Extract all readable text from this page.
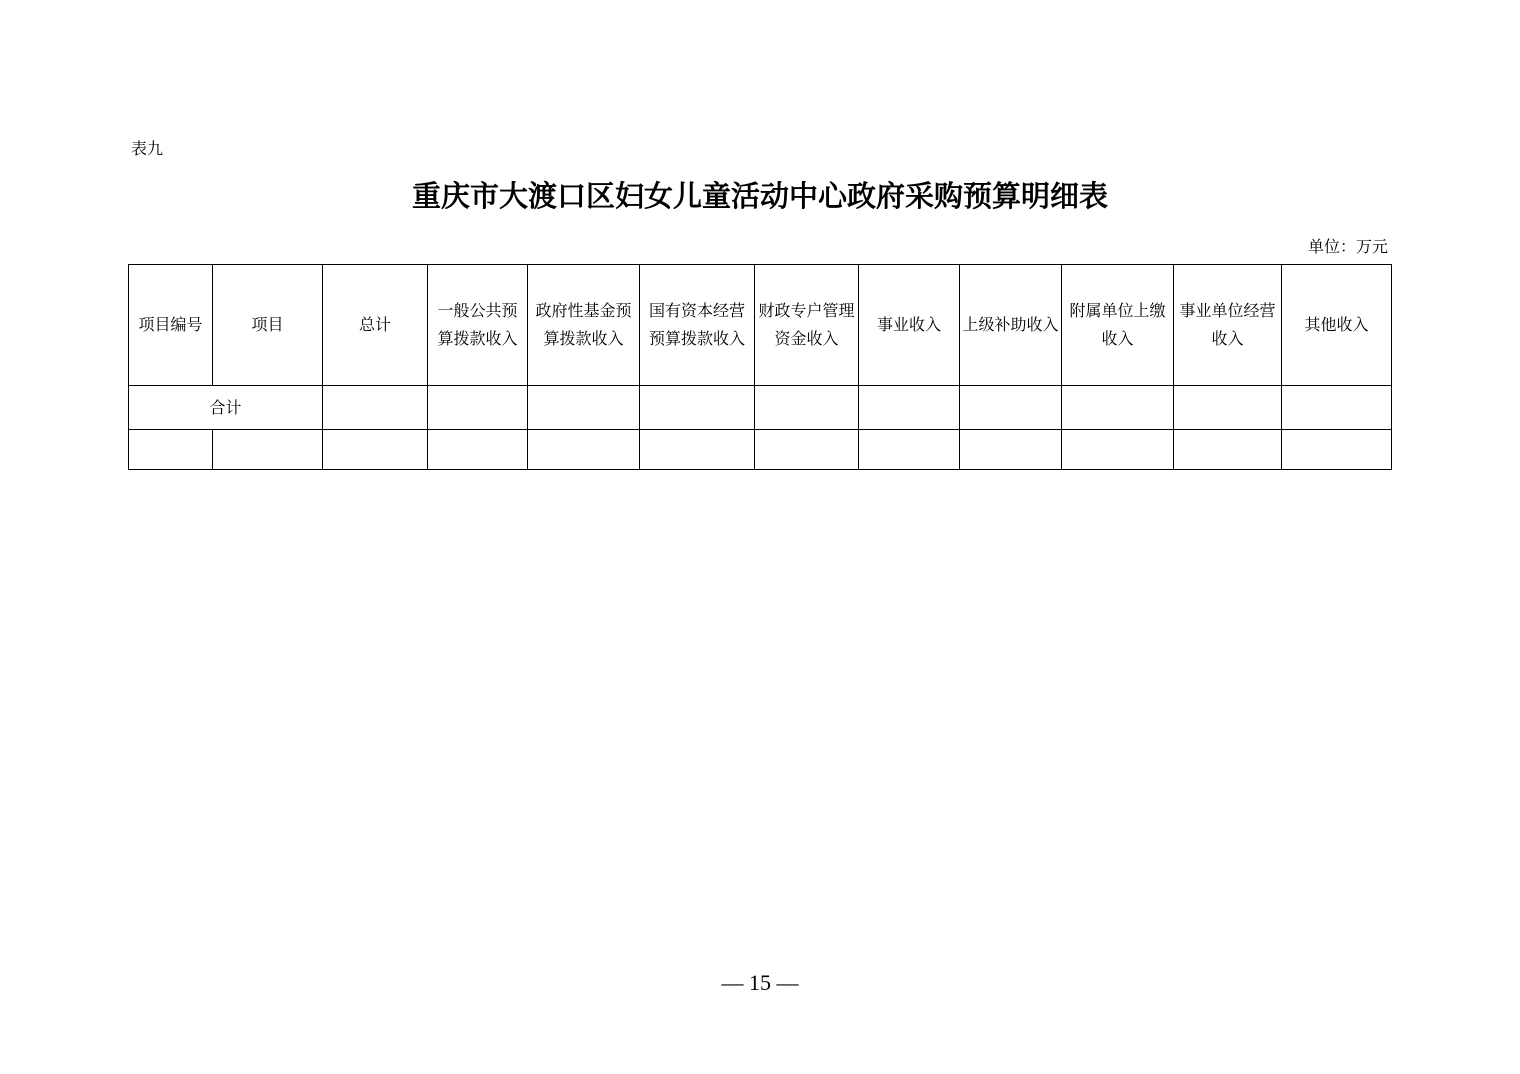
表九
重庆市大渡口区妇女儿童活动中心政府采购预算明细表
单位：万元
项目编号	项目	总计	一般公共预算拨款收入	政府性基金预算拨款收入	国有资本经营预算拨款收入	财政专户管理资金收入	事业收入	上级补助收入	附属单位上缴收入	事业单位经营收入	其他收入
合计											

— 15 —
